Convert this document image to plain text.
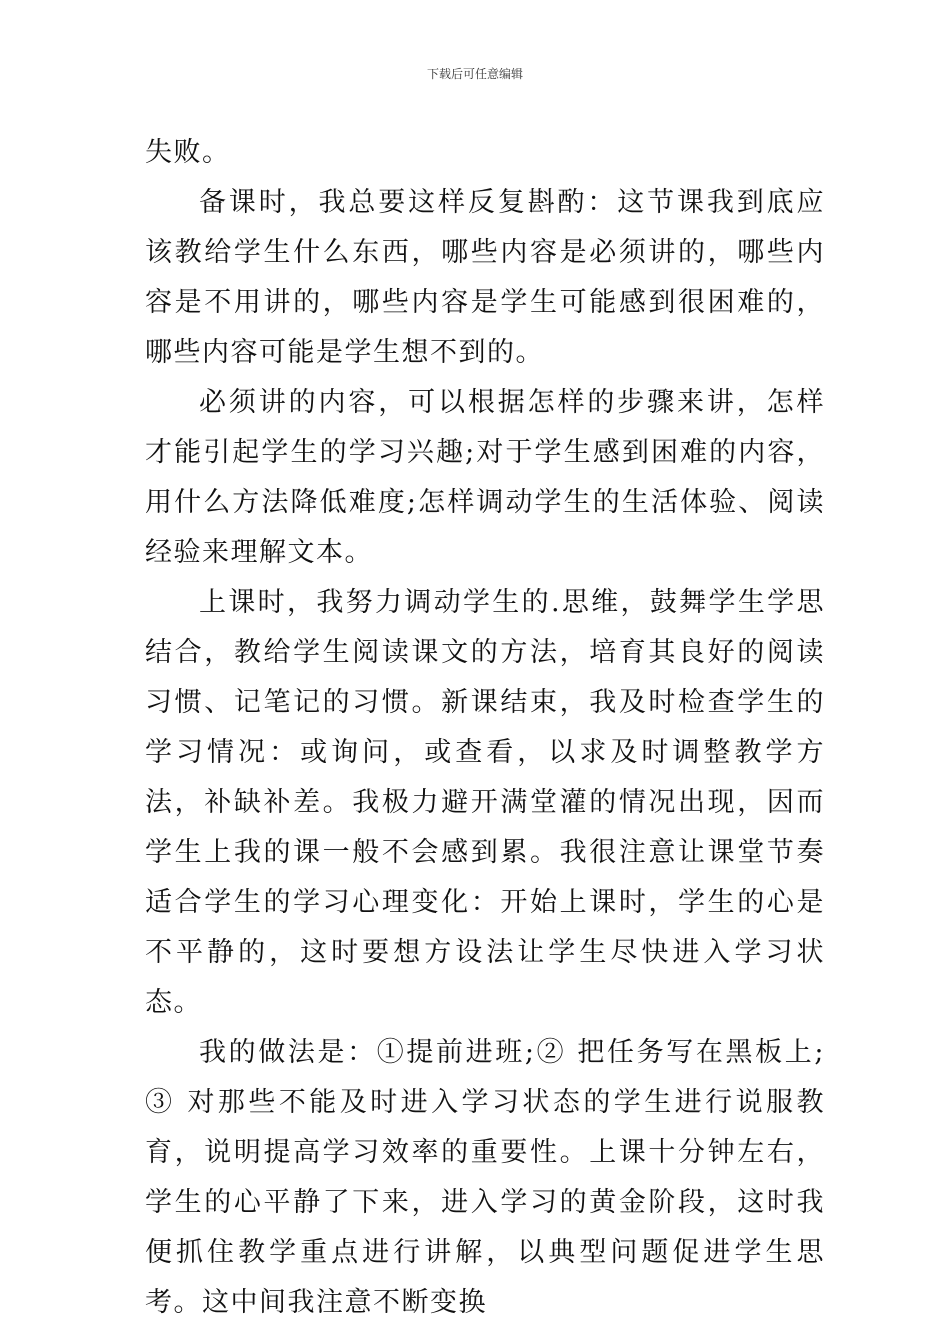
下载后可任意编辑

失败。

备课时，我总要这样反复斟酌：这节课我到底应该教给学生什么东西，哪些内容是必须讲的，哪些内容是不用讲的，哪些内容是学生可能感到很困难的，哪些内容可能是学生想不到的。

必须讲的内容，可以根据怎样的步骤来讲，怎样才能引起学生的学习兴趣;对于学生感到困难的内容，用什么方法降低难度;怎样调动学生的生活体验、阅读经验来理解文本。

上课时，我努力调动学生的.思维，鼓舞学生学思结合，教给学生阅读课文的方法，培育其良好的阅读习惯、记笔记的习惯。新课结束，我及时检查学生的学习情况：或询问，或查看，以求及时调整教学方法，补缺补差。我极力避开满堂灌的情况出现，因而学生上我的课一般不会感到累。我很注意让课堂节奏适合学生的学习心理变化：开始上课时，学生的心是不平静的，这时要想方设法让学生尽快进入学习状态。

我的做法是：①提前进班;② 把任务写在黑板上;③ 对那些不能及时进入学习状态的学生进行说服教育，说明提高学习效率的重要性。上课十分钟左右，学生的心平静了下来，进入学习的黄金阶段，这时我便抓住教学重点进行讲解，以典型问题促进学生思考。这中间我注意不断变换
